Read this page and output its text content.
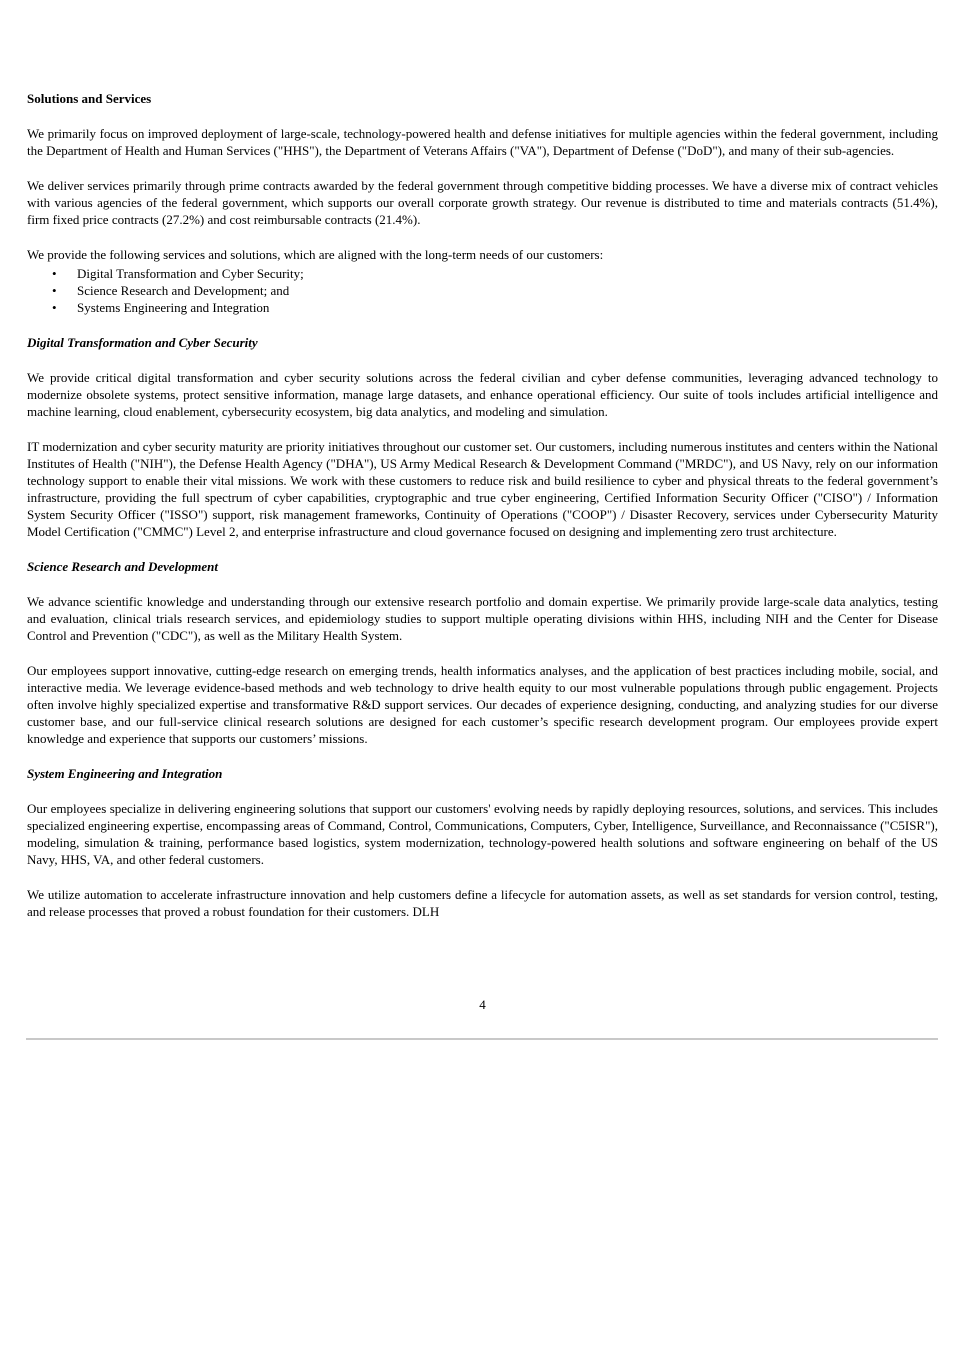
Solutions and Services

We primarily focus on improved deployment of large-scale, technology-powered health and defense initiatives for multiple agencies within the federal government, including the Department of Health and Human Services ("HHS"), the Department of Veterans Affairs ("VA"), Department of Defense ("DoD"), and many of their sub-agencies.

We deliver services primarily through prime contracts awarded by the federal government through competitive bidding processes. We have a diverse mix of contract vehicles with various agencies of the federal government, which supports our overall corporate growth strategy. Our revenue is distributed to time and materials contracts (51.4%), firm fixed price contracts (27.2%) and cost reimbursable contracts (21.4%).

We provide the following services and solutions, which are aligned with the long-term needs of our customers:

• Digital Transformation and Cyber Security;
• Science Research and Development; and
• Systems Engineering and Integration
Digital Transformation and Cyber Security

We provide critical digital transformation and cyber security solutions across the federal civilian and cyber defense communities, leveraging advanced technology to modernize obsolete systems, protect sensitive information, manage large datasets, and enhance operational efficiency. Our suite of tools includes artificial intelligence and machine learning, cloud enablement, cybersecurity ecosystem, big data analytics, and modeling and simulation.

IT modernization and cyber security maturity are priority initiatives throughout our customer set. Our customers, including numerous institutes and centers within the National Institutes of Health ("NIH"), the Defense Health Agency ("DHA"), US Army Medical Research & Development Command ("MRDC"), and US Navy, rely on our information technology support to enable their vital missions. We work with these customers to reduce risk and build resilience to cyber and physical threats to the federal government’s infrastructure, providing the full spectrum of cyber capabilities, cryptographic and true cyber engineering, Certified Information Security Officer ("CISO") / Information System Security Officer ("ISSO") support, risk management frameworks, Continuity of Operations ("COOP") / Disaster Recovery, services under Cybersecurity Maturity Model Certification ("CMMC") Level 2, and enterprise infrastructure and cloud governance focused on designing and implementing zero trust architecture.

Science Research and Development

We advance scientific knowledge and understanding through our extensive research portfolio and domain expertise. We primarily provide large-scale data analytics, testing and evaluation, clinical trials research services, and epidemiology studies to support multiple operating divisions within HHS, including NIH and the Center for Disease Control and Prevention ("CDC"), as well as the Military Health System.

Our employees support innovative, cutting-edge research on emerging trends, health informatics analyses, and the application of best practices including mobile, social, and interactive media. We leverage evidence-based methods and web technology to drive health equity to our most vulnerable populations through public engagement. Projects often involve highly specialized expertise and transformative R&D support services. Our decades of experience designing, conducting, and analyzing studies for our diverse customer base, and our full-service clinical research solutions are designed for each customer’s specific research development program. Our employees provide expert knowledge and experience that supports our customers’ missions.

System Engineering and Integration

Our employees specialize in delivering engineering solutions that support our customers' evolving needs by rapidly deploying resources, solutions, and services. This includes specialized engineering expertise, encompassing areas of Command, Control, Communications, Computers, Cyber, Intelligence, Surveillance, and Reconnaissance ("C5ISR"), modeling, simulation & training, performance based logistics, system modernization, technology-powered health solutions and software engineering on behalf of the US Navy, HHS, VA, and other federal customers.

We utilize automation to accelerate infrastructure innovation and help customers define a lifecycle for automation assets, as well as set standards for version control, testing, and release processes that proved a robust foundation for their customers. DLH

4
